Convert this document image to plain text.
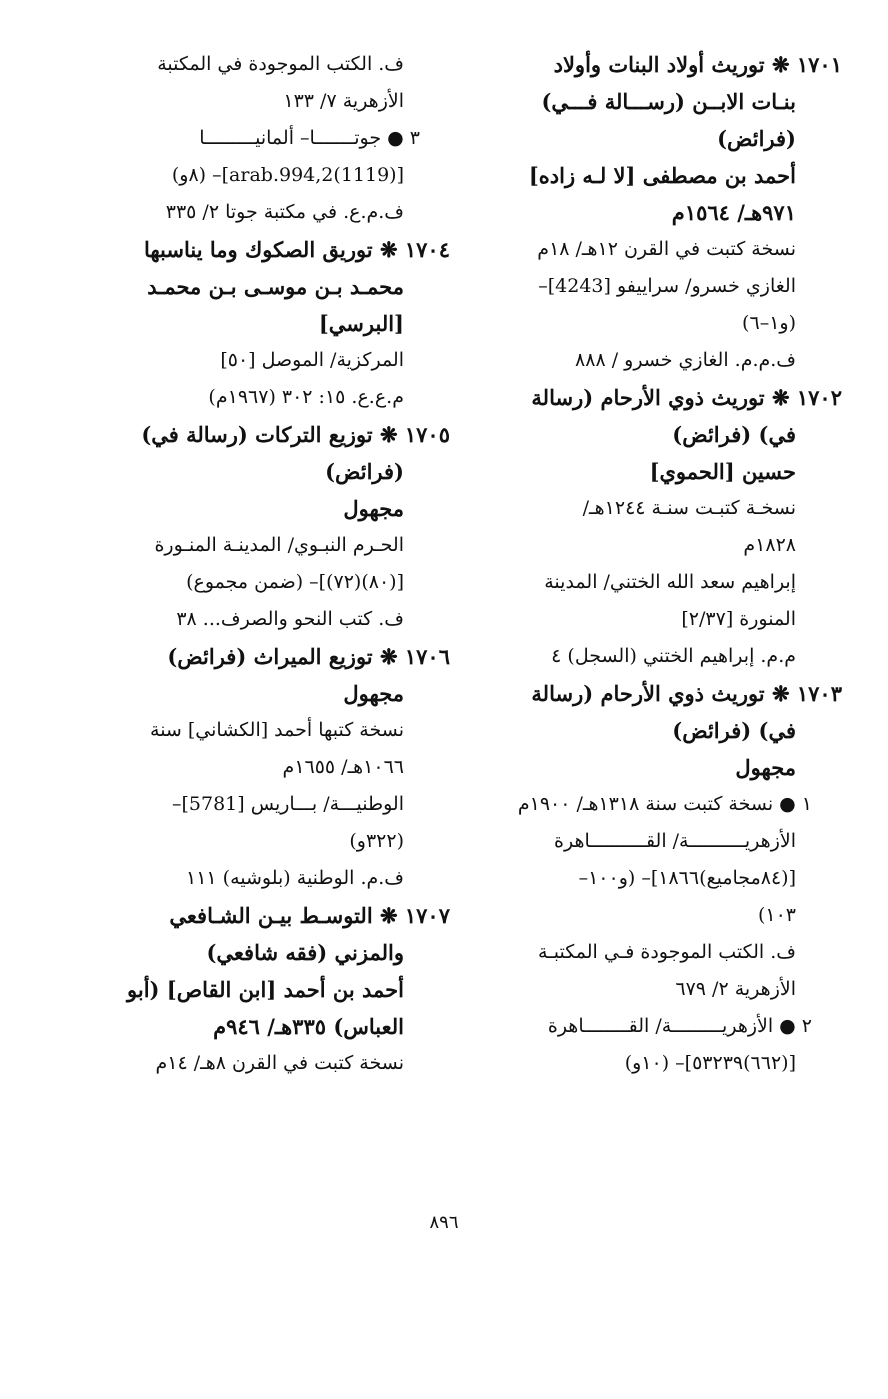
١٧٠١ ❋ توريث أولاد البنات وأولاد
بنـات الابــن (رســـالة فـــي)
(فرائض)
أحمد بن مصطفى [لا لـه زاده]
٩٧١هـ/ ١٥٦٤م
نسخة كتبت في القرن ١٢هـ/ ١٨م
الغازي خسرو/ سراييفو [4243]–
(و١–٦)
ف.م.م. الغازي خسرو / ٨٨٨
١٧٠٢ ❋ توريث ذوي الأرحام (رسالة
في) (فرائض)
حسين [الحموي]
نسخـة كتبـت سنـة ١٢٤٤هـ/
١٨٢٨م
إبراهيم سعد الله الختني/ المدينة
المنورة [٢/٣٧]
م.م. إبراهيم الختني (السجل) ٤
١٧٠٣ ❋ توريث ذوي الأرحام (رسالة
في) (فرائض)
مجهول
١ ● نسخة كتبت سنة ١٣١٨هـ/ ١٩٠٠م
الأزهريــــــــــة/ القــــــــــاهرة
[(٨٤مجاميع)١٨٦٦]– (و١٠٠–
١٠٣)
ف. الكتب الموجودة فـي المكتبـة
الأزهرية ٢/ ٦٧٩
٢ ● الأزهريـــــــــة/ القــــــــاهرة
[(٦٦٢)٥٣٢٣٩]– (١٠و)
ف. الكتب الموجودة في المكتبة
الأزهرية ٧/ ١٣٣
٣ ● جوتـــــــا– ألمانيـــــــــا
[(1119)arab.994,2]– (٨و)
ف.م.ع. في مكتبة جوتا ٢/ ٣٣٥
١٧٠٤ ❋ توريق الصكوك وما يناسبها
محمـد بـن موسـى بـن محمـد
[البرسي]
المركزية/ الموصل [٥٠]
م.ع.ع. ١٥: ٣٠٢ (١٩٦٧م)
١٧٠٥ ❋ توزيع التركات (رسالة في)
(فرائض)
مجهول
الحـرم النبـوي/ المدينـة المنـورة
[(٨٠)(٧٢)]– (ضمن مجموع)
ف. كتب النحو والصرف... ٣٨
١٧٠٦ ❋ توزيع الميراث (فرائض)
مجهول
نسخة كتبها أحمد [الكشاني] سنة
١٠٦٦هـ/ ١٦٥٥م
الوطنيـــة/ بـــاريس [5781]–
(٣٢٢و)
ف.م. الوطنية (بلوشيه) ١١١
١٧٠٧ ❋ التوسـط بيـن الشـافعي
والمزني (فقه شافعي)
أحمد بن أحمد [ابن القاص] (أبو
العباس) ٣٣٥هـ/ ٩٤٦م
نسخة كتبت في القرن ٨هـ/ ١٤م
٨٩٦
